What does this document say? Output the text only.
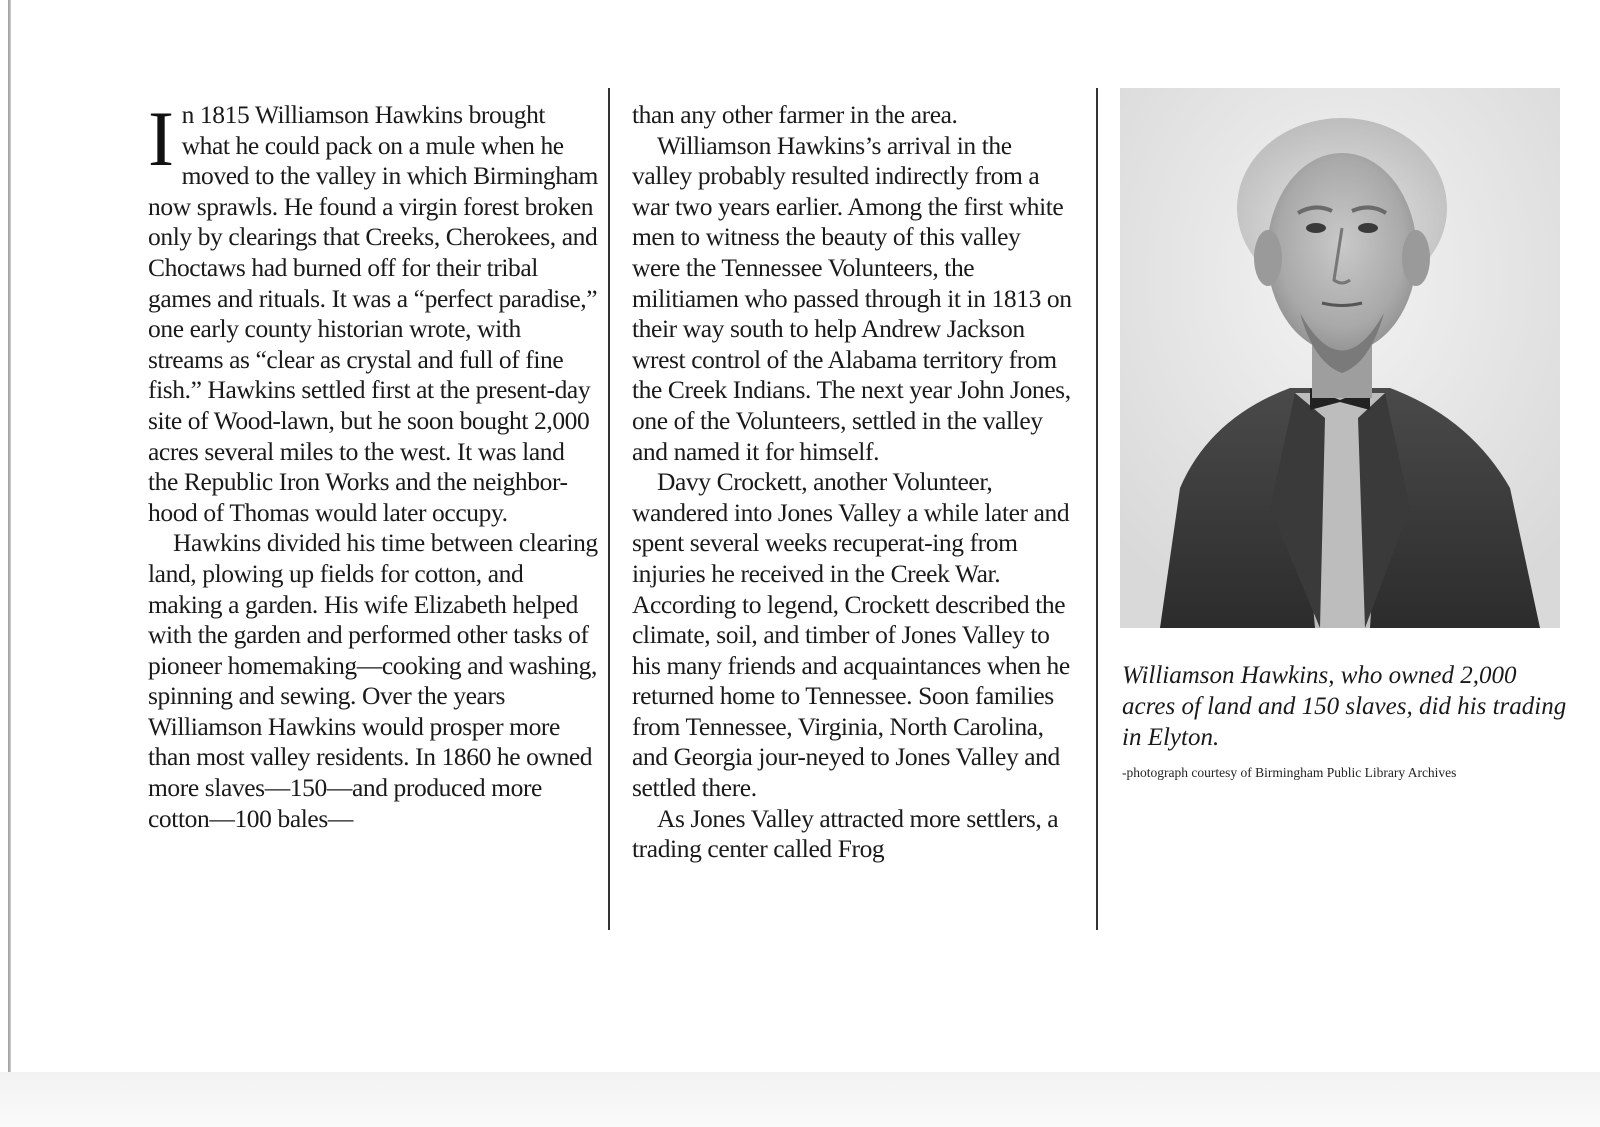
In 1815 Williamson Hawkins brought what he could pack on a mule when he moved to the valley in which Birmingham now sprawls. He found a virgin forest broken only by clearings that Creeks, Cherokees, and Choctaws had burned off for their tribal games and rituals. It was a “perfect paradise,” one early county historian wrote, with streams as “clear as crystal and full of fine fish.” Hawkins settled first at the present-day site of Wood-lawn, but he soon bought 2,000 acres several miles to the west. It was land the Republic Iron Works and the neighbor-hood of Thomas would later occupy.

Hawkins divided his time between clearing land, plowing up fields for cotton, and making a garden. His wife Elizabeth helped with the garden and performed other tasks of pioneer homemaking—cooking and washing, spinning and sewing. Over the years Williamson Hawkins would prosper more than most valley residents. In 1860 he owned more slaves—150—and produced more cotton—100 bales—

than any other farmer in the area.

Williamson Hawkins’s arrival in the valley probably resulted indirectly from a war two years earlier. Among the first white men to witness the beauty of this valley were the Tennessee Volunteers, the militiamen who passed through it in 1813 on their way south to help Andrew Jackson wrest control of the Alabama territory from the Creek Indians. The next year John Jones, one of the Volunteers, settled in the valley and named it for himself.

Davy Crockett, another Volunteer, wandered into Jones Valley a while later and spent several weeks recuperat-ing from injuries he received in the Creek War. According to legend, Crockett described the climate, soil, and timber of Jones Valley to his many friends and acquaintances when he returned home to Tennessee. Soon families from Tennessee, Virginia, North Carolina, and Georgia jour-neyed to Jones Valley and settled there.

As Jones Valley attracted more settlers, a trading center called Frog

Williamson Hawkins, who owned 2,000 acres of land and 150 slaves, did his trading in Elyton.
-photograph courtesy of Birmingham Public Library Archives
